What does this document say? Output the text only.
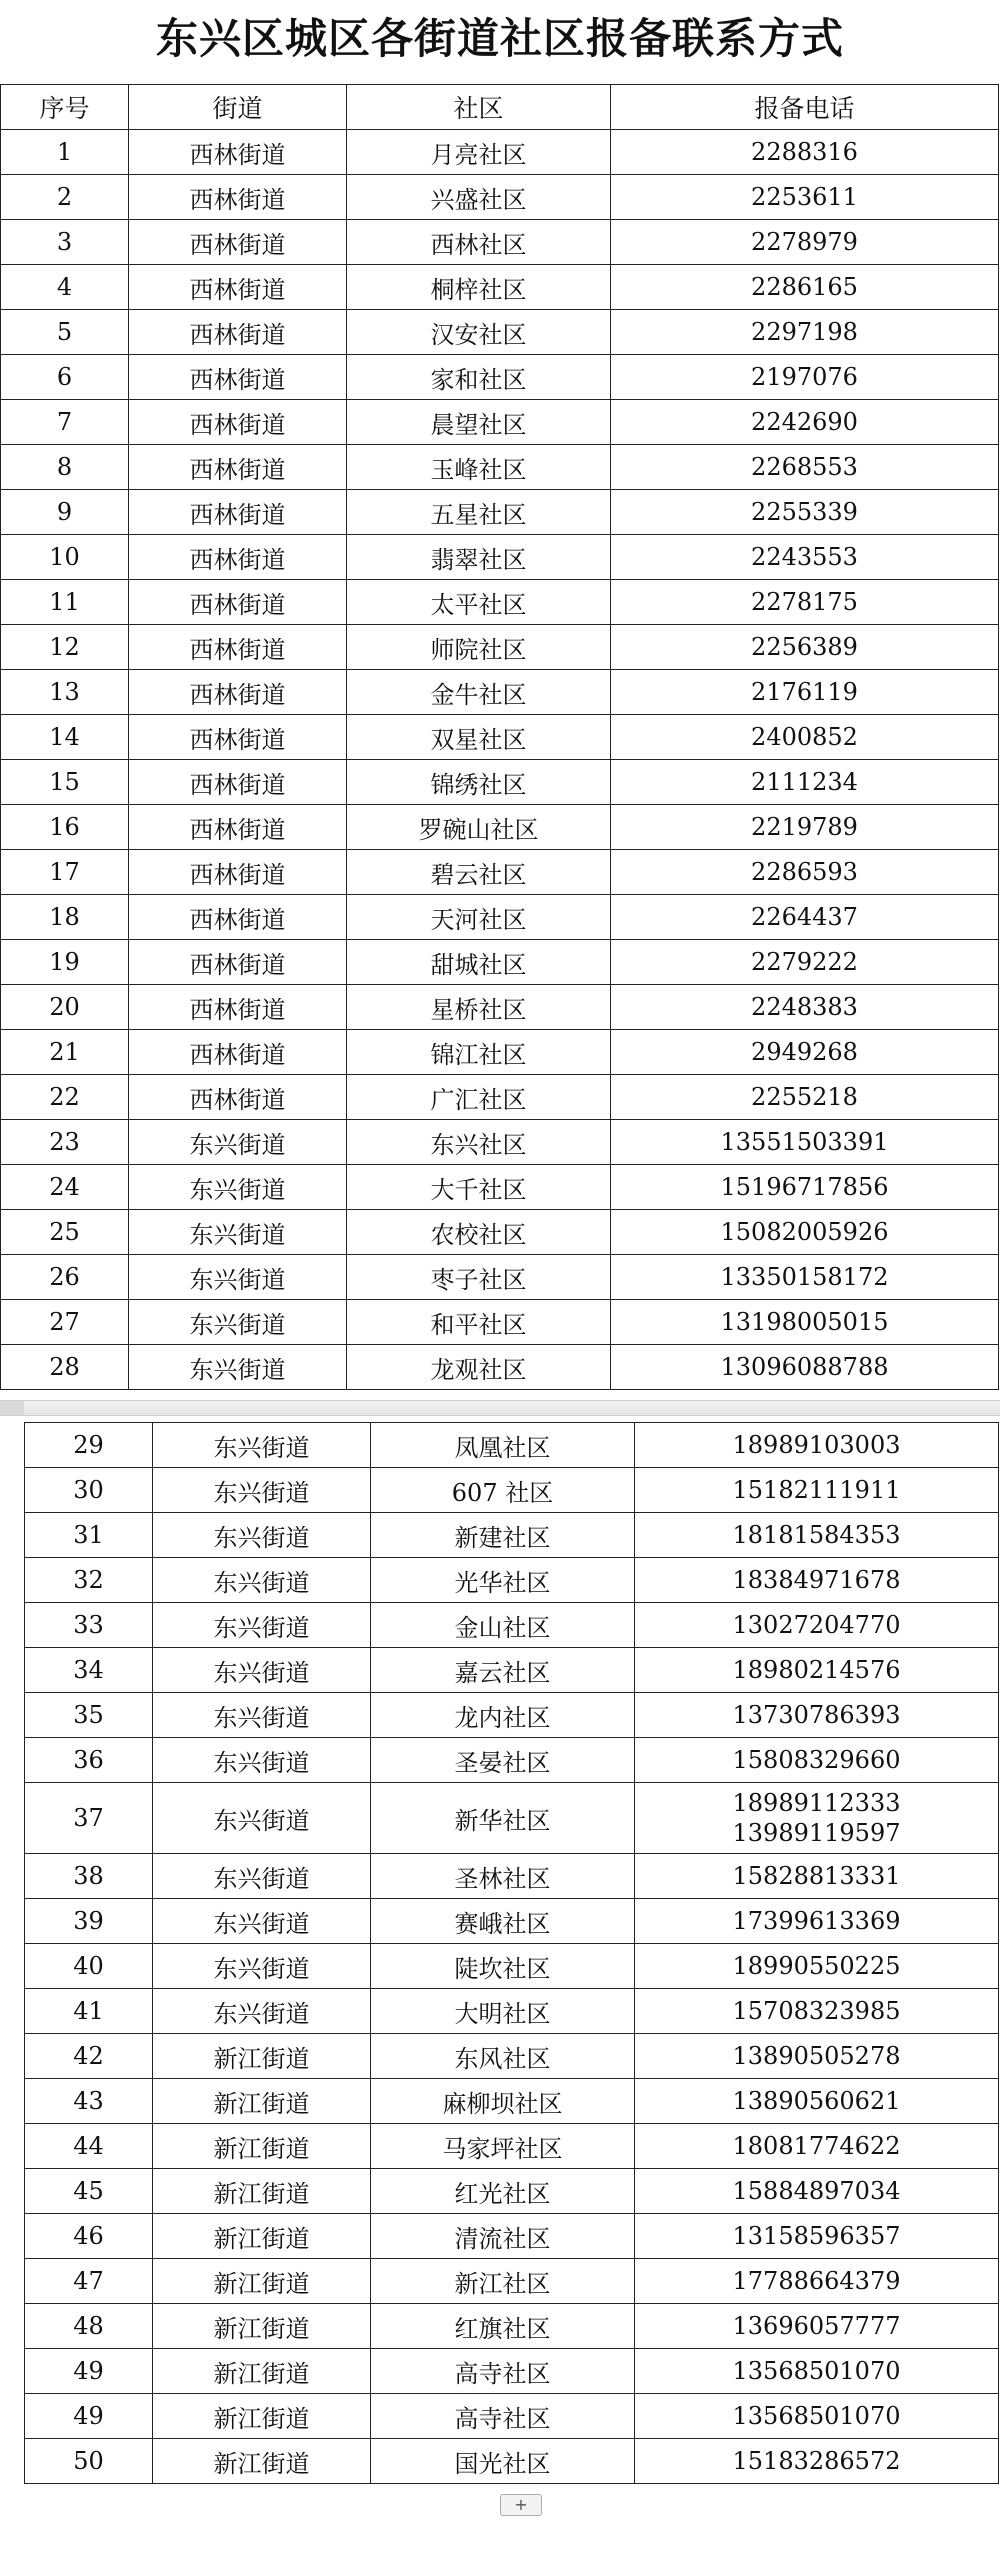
东兴区城区各街道社区报备联系方式
序号	街道	社区	报备电话
1	西林街道	月亮社区	2288316
2	西林街道	兴盛社区	2253611
3	西林街道	西林社区	2278979
4	西林街道	桐梓社区	2286165
5	西林街道	汉安社区	2297198
6	西林街道	家和社区	2197076
7	西林街道	晨望社区	2242690
8	西林街道	玉峰社区	2268553
9	西林街道	五星社区	2255339
10	西林街道	翡翠社区	2243553
11	西林街道	太平社区	2278175
12	西林街道	师院社区	2256389
13	西林街道	金牛社区	2176119
14	西林街道	双星社区	2400852
15	西林街道	锦绣社区	2111234
16	西林街道	罗碗山社区	2219789
17	西林街道	碧云社区	2286593
18	西林街道	天河社区	2264437
19	西林街道	甜城社区	2279222
20	西林街道	星桥社区	2248383
21	西林街道	锦江社区	2949268
22	西林街道	广汇社区	2255218
23	东兴街道	东兴社区	13551503391
24	东兴街道	大千社区	15196717856
25	东兴街道	农校社区	15082005926
26	东兴街道	枣子社区	13350158172
27	东兴街道	和平社区	13198005015
28	东兴街道	龙观社区	13096088788
29	东兴街道	凤凰社区	18989103003
30	东兴街道	607 社区	15182111911
31	东兴街道	新建社区	18181584353
32	东兴街道	光华社区	18384971678
33	东兴街道	金山社区	13027204770
34	东兴街道	嘉云社区	18980214576
35	东兴街道	龙内社区	13730786393
36	东兴街道	圣晏社区	15808329660
37	东兴街道	新华社区	18989112333
13989119597

38	东兴街道	圣林社区	15828813331
39	东兴街道	赛峨社区	17399613369
40	东兴街道	陡坎社区	18990550225
41	东兴街道	大明社区	15708323985
42	新江街道	东风社区	13890505278
43	新江街道	麻柳坝社区	13890560621
44	新江街道	马家坪社区	18081774622
45	新江街道	红光社区	15884897034
46	新江街道	清流社区	13158596357
47	新江街道	新江社区	17788664379
48	新江街道	红旗社区	13696057777
49	新江街道	高寺社区	13568501070
49	新江街道	高寺社区	13568501070
50	新江街道	国光社区	15183286572
+
